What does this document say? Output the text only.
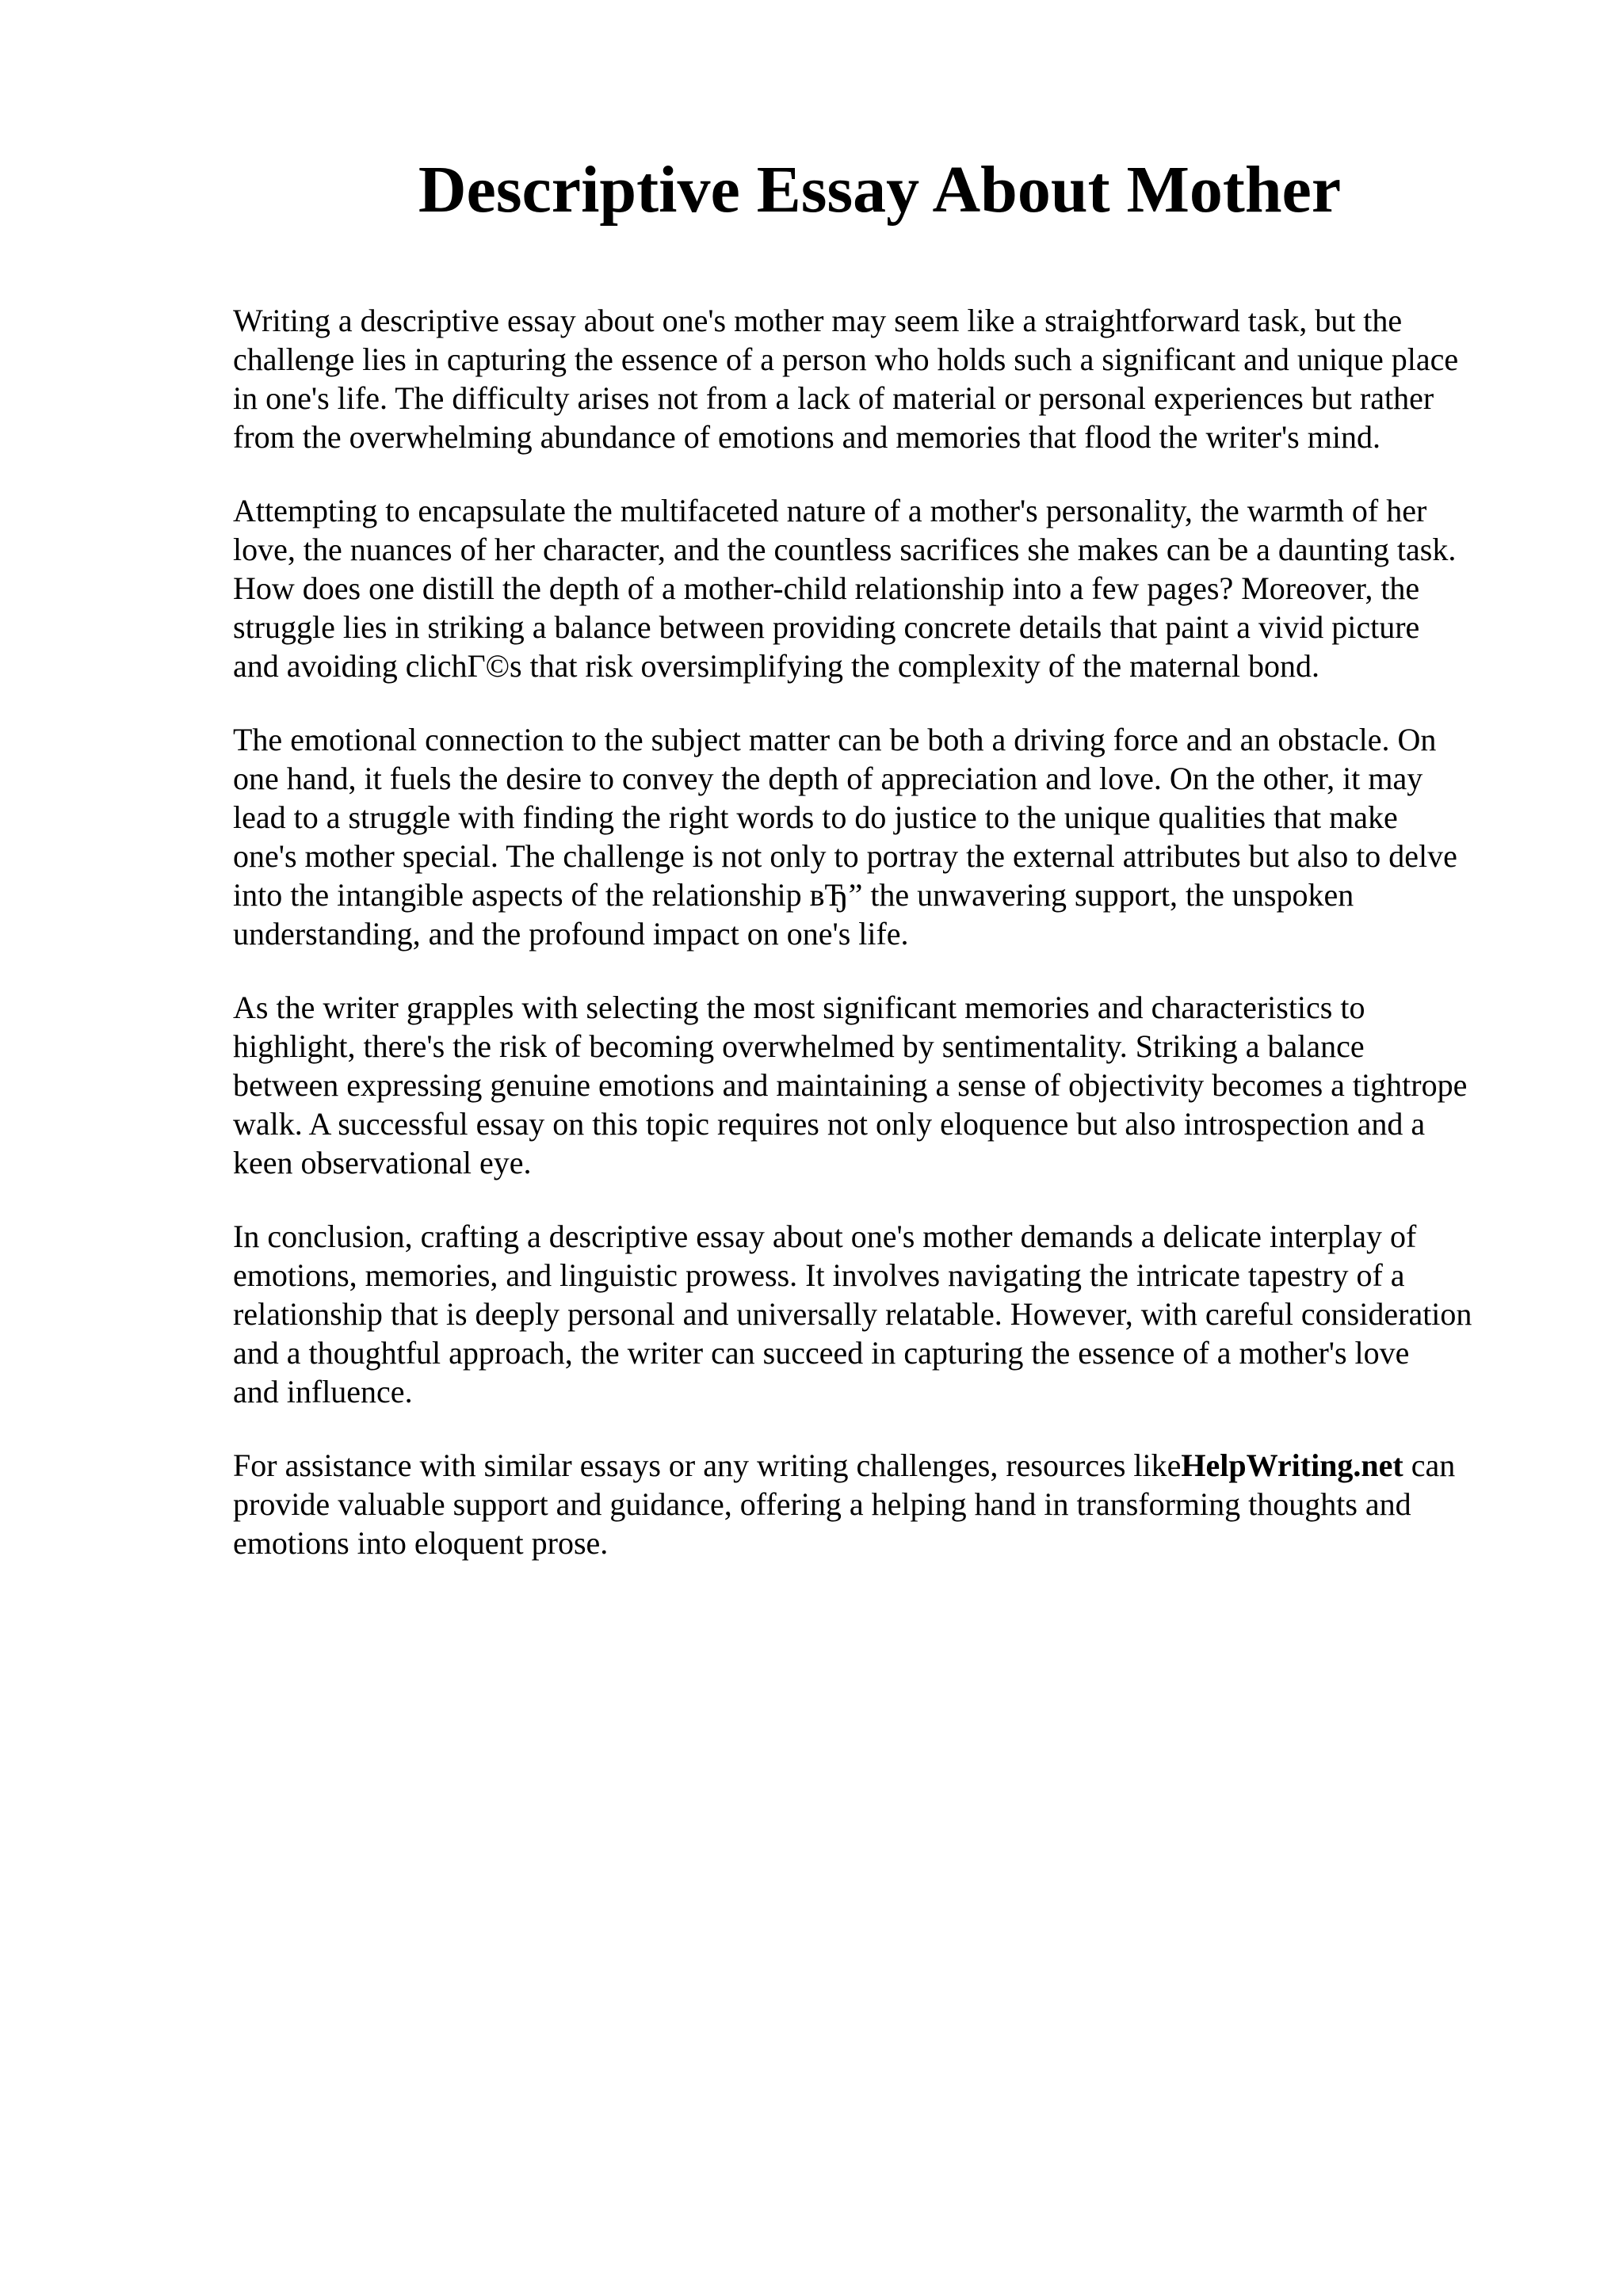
Descriptive Essay About Mother

Writing a descriptive essay about one's mother may seem like a straightforward task, but the
challenge lies in capturing the essence of a person who holds such a significant and unique place
in one's life. The difficulty arises not from a lack of material or personal experiences but rather
from the overwhelming abundance of emotions and memories that flood the writer's mind.

Attempting to encapsulate the multifaceted nature of a mother's personality, the warmth of her
love, the nuances of her character, and the countless sacrifices she makes can be a daunting task.
How does one distill the depth of a mother-child relationship into a few pages? Moreover, the
struggle lies in striking a balance between providing concrete details that paint a vivid picture
and avoiding clichГ©s that risk oversimplifying the complexity of the maternal bond.

The emotional connection to the subject matter can be both a driving force and an obstacle. On
one hand, it fuels the desire to convey the depth of appreciation and love. On the other, it may
lead to a struggle with finding the right words to do justice to the unique qualities that make
one's mother special. The challenge is not only to portray the external attributes but also to delve
into the intangible aspects of the relationship вЂ” the unwavering support, the unspoken
understanding, and the profound impact on one's life.

As the writer grapples with selecting the most significant memories and characteristics to
highlight, there's the risk of becoming overwhelmed by sentimentality. Striking a balance
between expressing genuine emotions and maintaining a sense of objectivity becomes a tightrope
walk. A successful essay on this topic requires not only eloquence but also introspection and a
keen observational eye.

In conclusion, crafting a descriptive essay about one's mother demands a delicate interplay of
emotions, memories, and linguistic prowess. It involves navigating the intricate tapestry of a
relationship that is deeply personal and universally relatable. However, with careful consideration
and a thoughtful approach, the writer can succeed in capturing the essence of a mother's love
and influence.

For assistance with similar essays or any writing challenges, resources likeHelpWriting.net can
provide valuable support and guidance, offering a helping hand in transforming thoughts and
emotions into eloquent prose.
